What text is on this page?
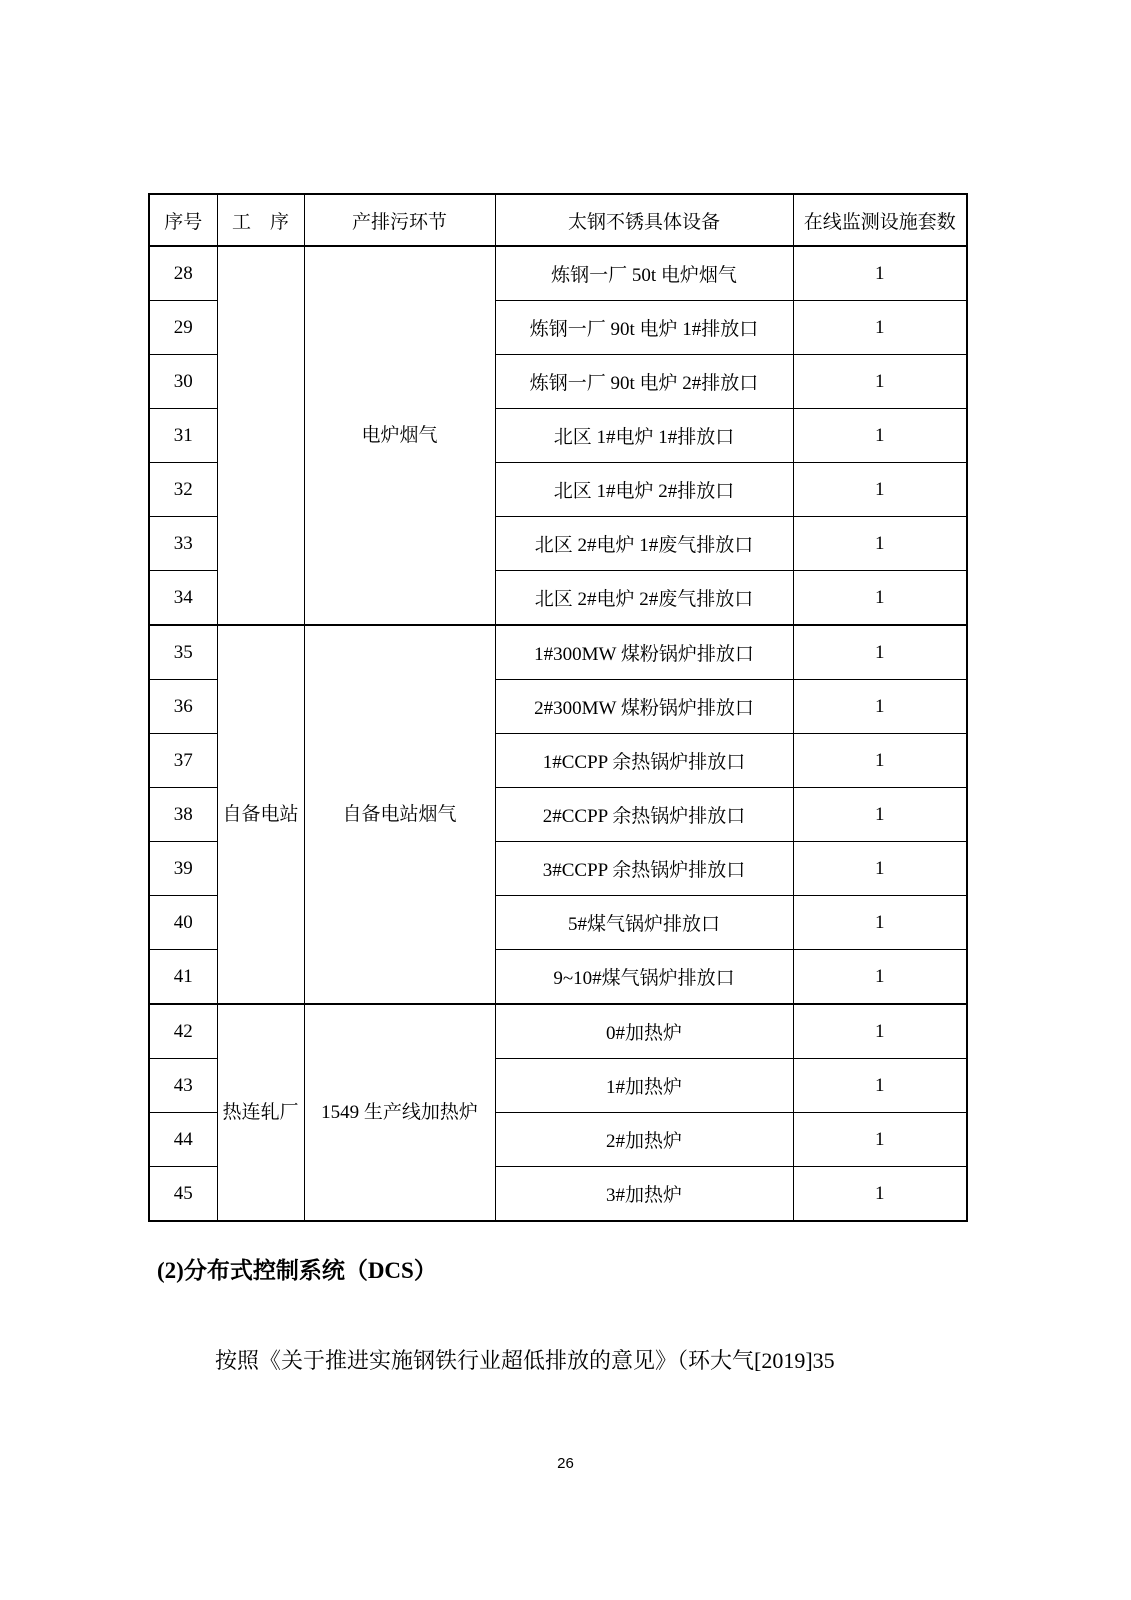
序号	工　序	产排污环节	太钢不锈具体设备	在线监测设施套数
28		电炉烟气	炼钢一厂 50t 电炉烟气	1
29			炼钢一厂 90t 电炉 1#排放口	1
30			炼钢一厂 90t 电炉 2#排放口	1
31			北区 1#电炉 1#排放口	1
32			北区 1#电炉 2#排放口	1
33			北区 2#电炉 1#废气排放口	1
34			北区 2#电炉 2#废气排放口	1
35	自备电站	自备电站烟气	1#300MW 煤粉锅炉排放口	1
36			2#300MW 煤粉锅炉排放口	1
37			1#CCPP 余热锅炉排放口	1
38			2#CCPP 余热锅炉排放口	1
39			3#CCPP 余热锅炉排放口	1
40			5#煤气锅炉排放口	1
41			9~10#煤气锅炉排放口	1
42	热连轧厂	1549 生产线加热炉	0#加热炉	1
43			1#加热炉	1
44			2#加热炉	1
45			3#加热炉	1
(2)分布式控制系统（DCS）

按照《关于推进实施钢铁行业超低排放的意见》（环大气[2019]35

26
